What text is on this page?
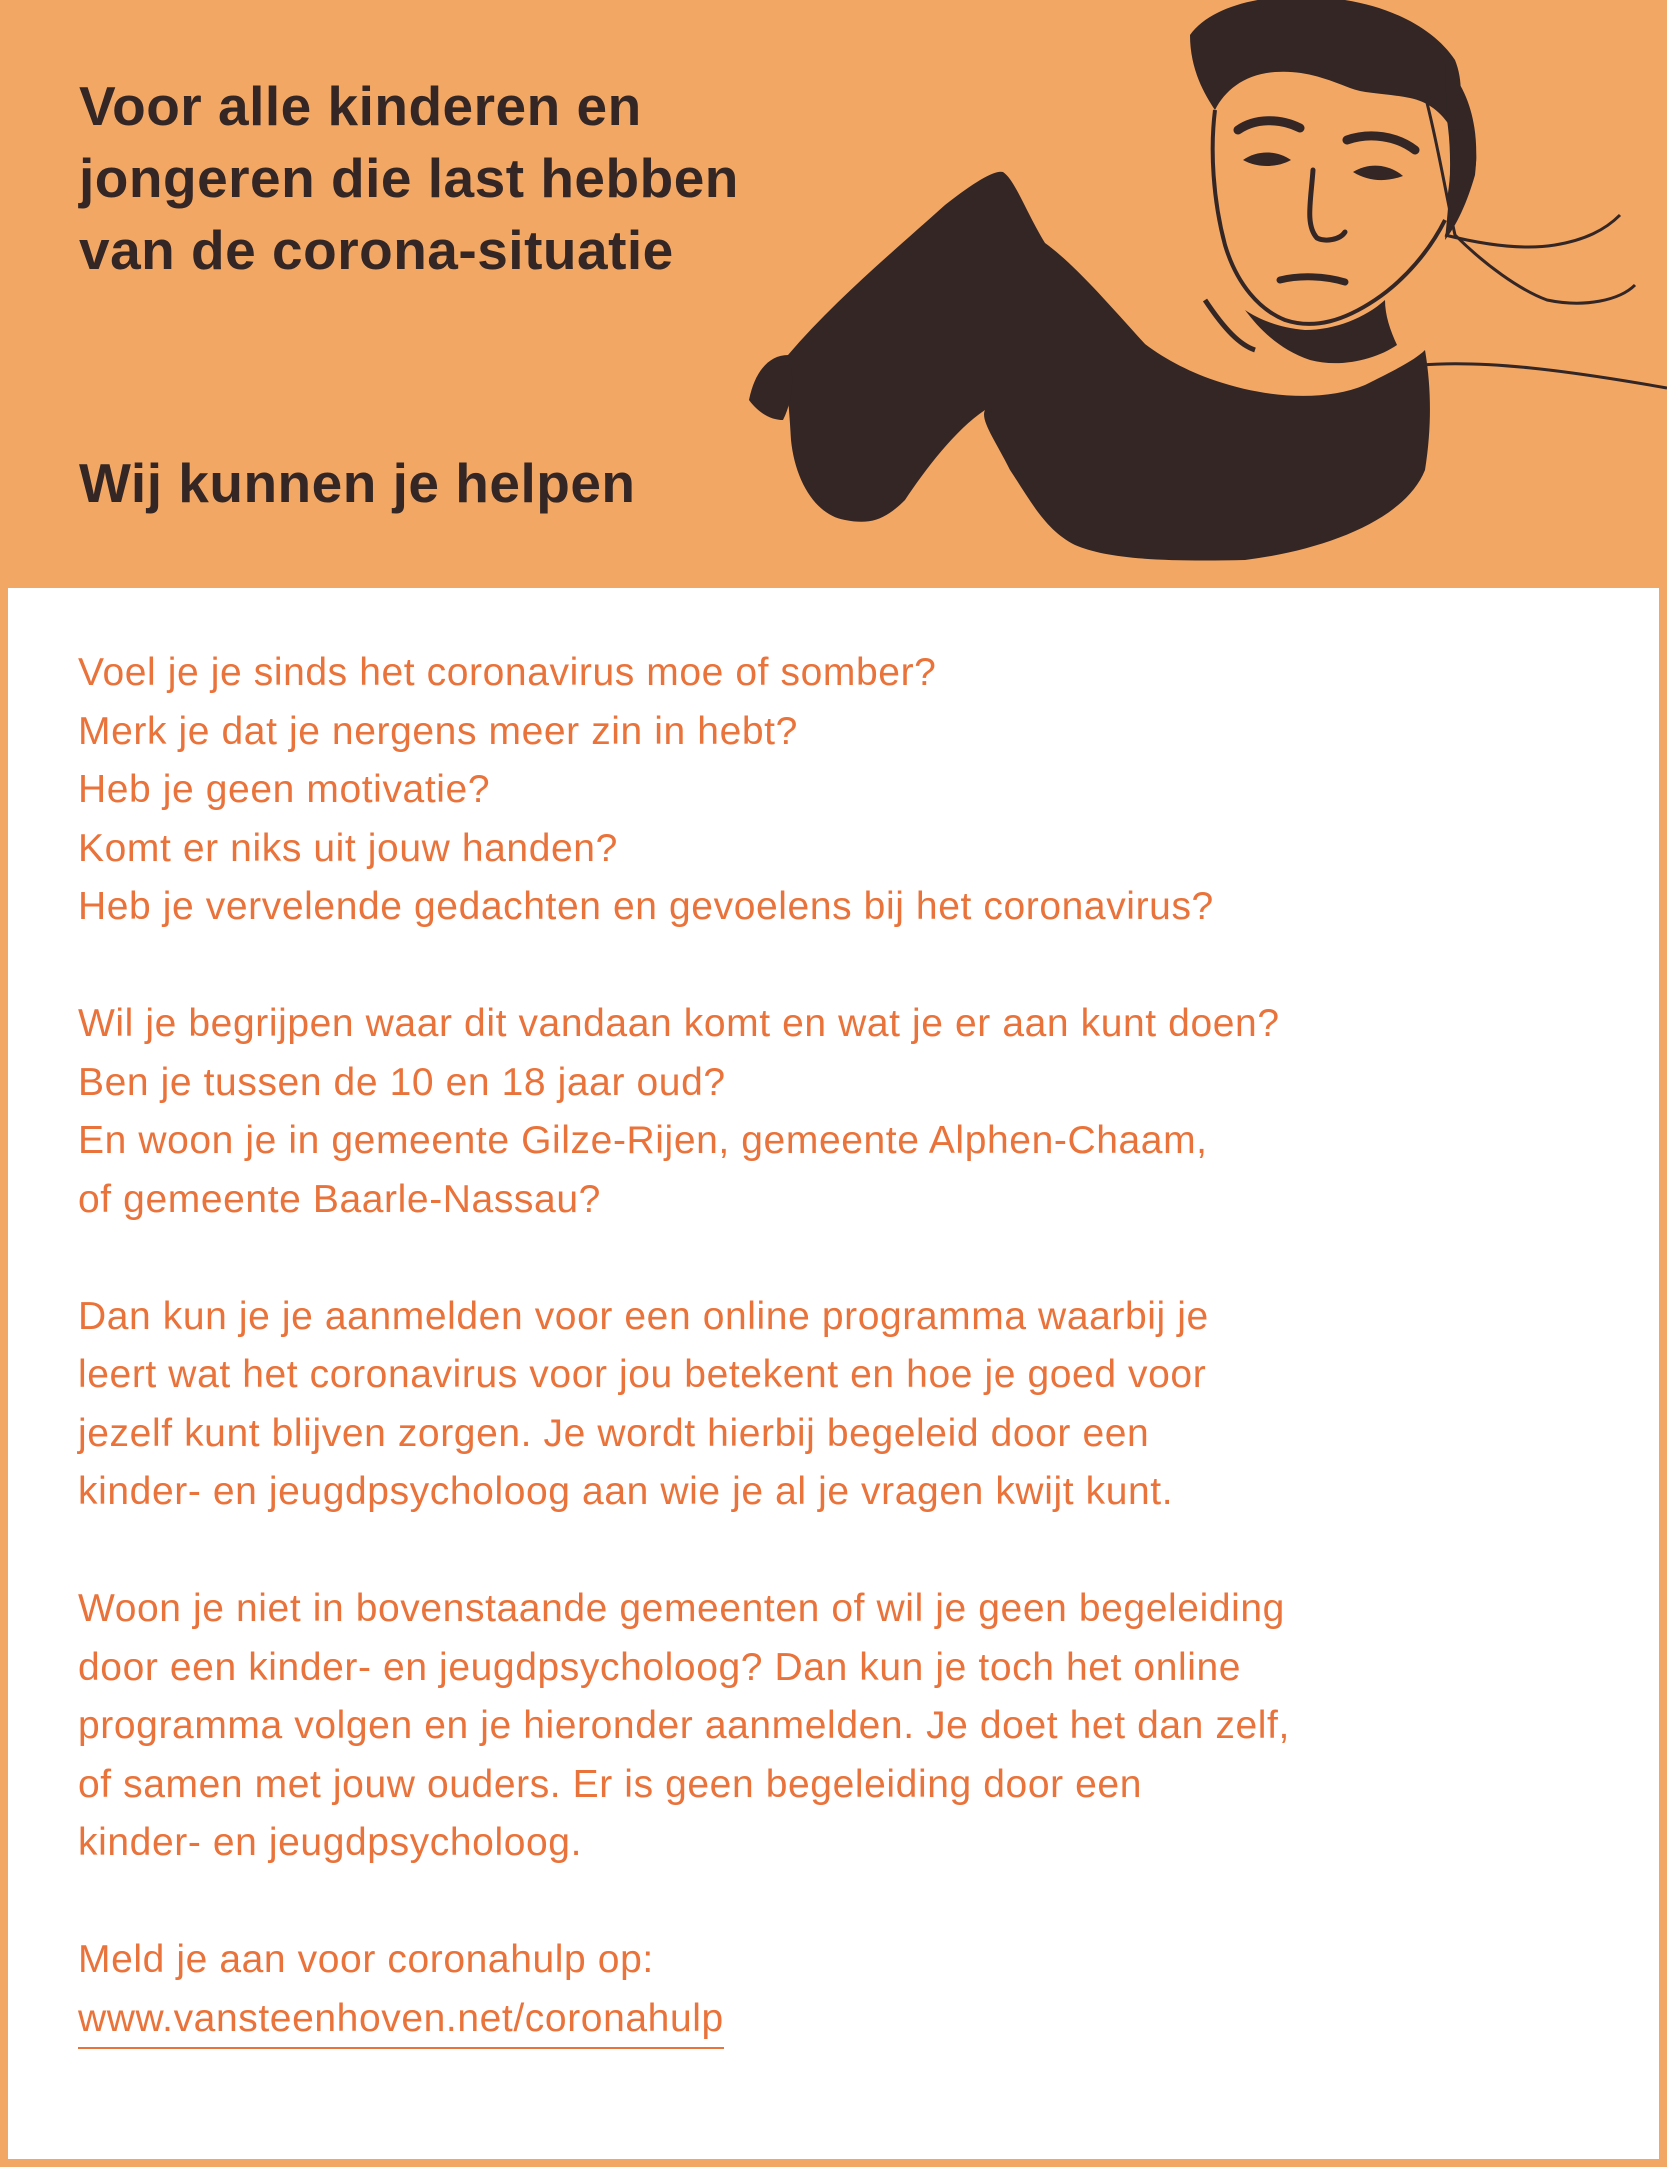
Voor alle kinderen en
jongeren die last hebben
van de corona-situatie
Wij kunnen je helpen
Voel je je sinds het coronavirus moe of somber?
Merk je dat je nergens meer zin in hebt?
Heb je geen motivatie?
Komt er niks uit jouw handen?
Heb je vervelende gedachten en gevoelens bij het coronavirus?
Wil je begrijpen waar dit vandaan komt en wat je er aan kunt doen?
Ben je tussen de 10 en 18 jaar oud?
En woon je in gemeente Gilze-Rijen, gemeente Alphen-Chaam,
of gemeente Baarle-Nassau?
Dan kun je je aanmelden voor een online programma waarbij je
leert wat het coronavirus voor jou betekent en hoe je goed voor
jezelf kunt blijven zorgen. Je wordt hierbij begeleid door een
kinder- en jeugdpsycholoog aan wie je al je vragen kwijt kunt.
Woon je niet in bovenstaande gemeenten of wil je geen begeleiding
door een kinder- en jeugdpsycholoog? Dan kun je toch het online
programma volgen en je hieronder aanmelden. Je doet het dan zelf,
of samen met jouw ouders. Er is geen begeleiding door een
kinder- en jeugdpsycholoog.
Meld je aan voor coronahulp op:
www.vansteenhoven.net/coronahulp
